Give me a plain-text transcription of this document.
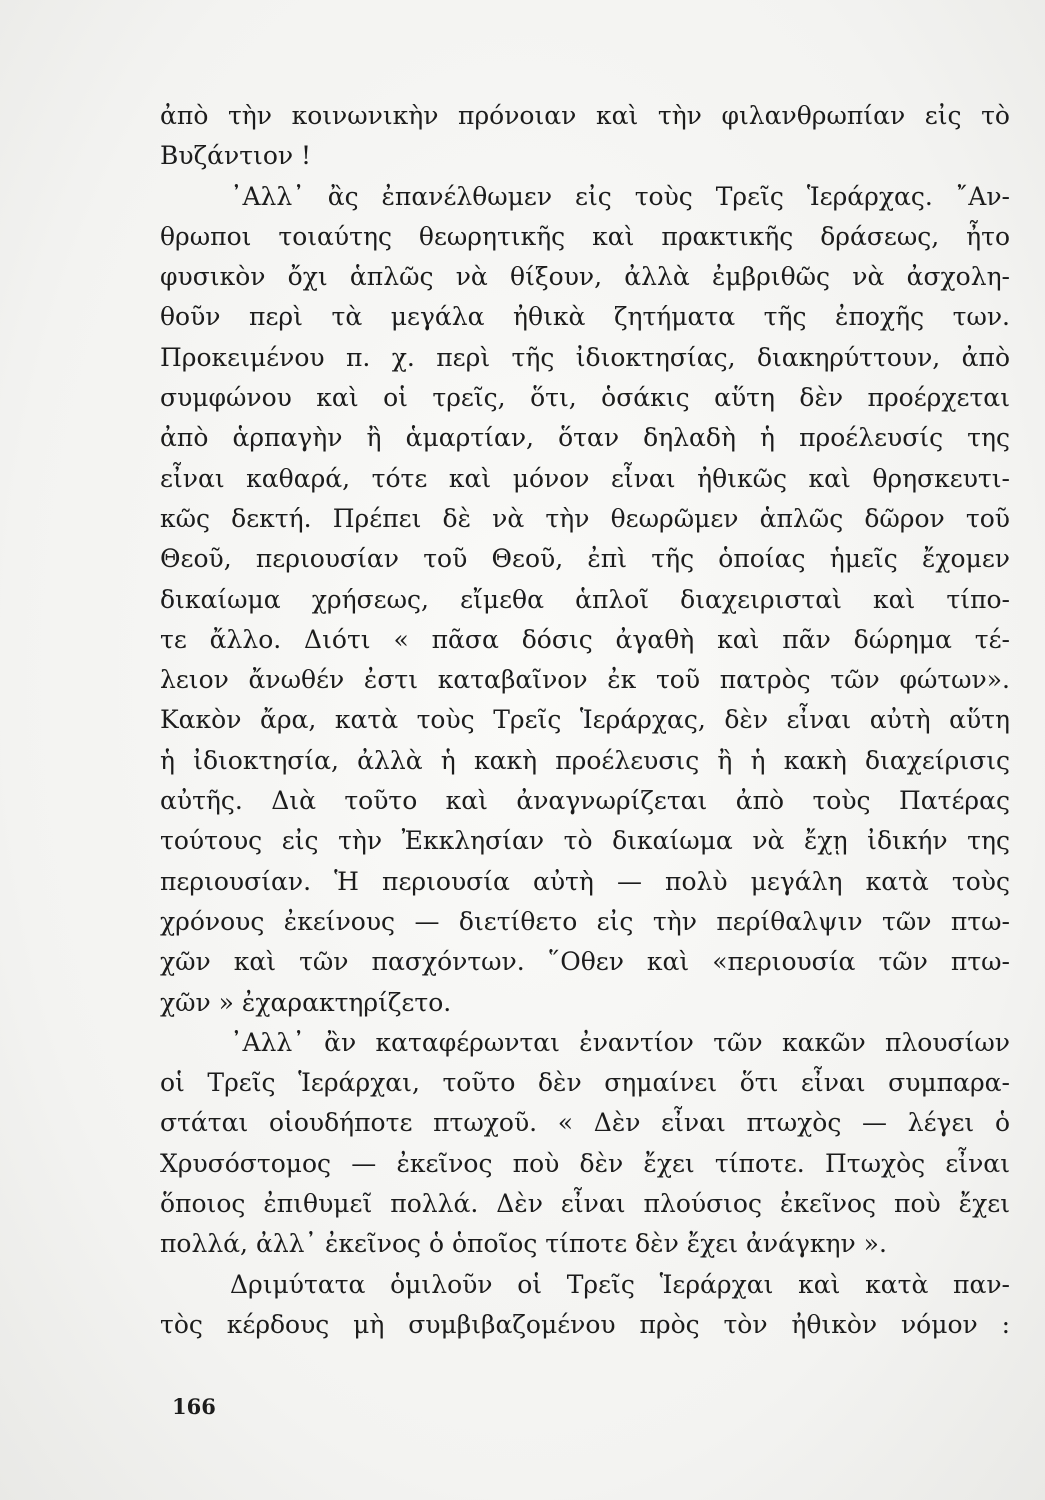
ἀπὸ τὴν κοινωνικὴν πρόνοιαν καὶ τὴν φιλανθρωπίαν εἰς τὸ
Βυζάντιον !
᾿Αλλ᾿ ἂς ἐπανέλθωμεν εἰς τοὺς Τρεῖς Ἱεράρχας. ῎Αν-
θρωποι τοιαύτης θεωρητικῆς καὶ πρακτικῆς δράσεως, ἦτο
φυσικὸν ὄχι ἁπλῶς νὰ θίξουν, ἀλλὰ ἐμβριθῶς νὰ ἀσχολη-
θοῦν περὶ τὰ μεγάλα ἠθικὰ ζητήματα τῆς ἐποχῆς των.
Προκειμένου π. χ. περὶ τῆς ἰδιοκτησίας, διακηρύττουν, ἀπὸ
συμφώνου καὶ οἱ τρεῖς, ὅτι, ὁσάκις αὕτη δὲν προέρχεται
ἀπὸ ἁρπαγὴν ἢ ἁμαρτίαν, ὅταν δηλαδὴ ἡ προέλευσίς της
εἶναι καθαρά, τότε καὶ μόνον εἶναι ἠθικῶς καὶ θρησκευτι-
κῶς δεκτή. Πρέπει δὲ νὰ τὴν θεωρῶμεν ἁπλῶς δῶρον τοῦ
Θεοῦ, περιουσίαν τοῦ Θεοῦ, ἐπὶ τῆς ὁποίας ἡμεῖς ἔχομεν
δικαίωμα χρήσεως, εἴμεθα ἁπλοῖ διαχειρισταὶ καὶ τίπο-
τε ἄλλο. Διότι « πᾶσα δόσις ἀγαθὴ καὶ πᾶν δώρημα τέ-
λειον ἄνωθέν ἐστι καταβαῖνον ἐκ τοῦ πατρὸς τῶν φώτων».
Κακὸν ἄρα, κατὰ τοὺς Τρεῖς Ἱεράρχας, δὲν εἶναι αὐτὴ αὕτη
ἡ ἰδιοκτησία, ἀλλὰ ἡ κακὴ προέλευσις ἢ ἡ κακὴ διαχείρισις
αὐτῆς. Διὰ τοῦτο καὶ ἀναγνωρίζεται ἀπὸ τοὺς Πατέρας
τούτους εἰς τὴν Ἐκκλησίαν τὸ δικαίωμα νὰ ἔχῃ ἰδικήν της
περιουσίαν. Ἡ περιουσία αὐτὴ — πολὺ μεγάλη κατὰ τοὺς
χρόνους ἐκείνους — διετίθετο εἰς τὴν περίθαλψιν τῶν πτω-
χῶν καὶ τῶν πασχόντων. ῞Οθεν καὶ «περιουσία τῶν πτω-
χῶν » ἐχαρακτηρίζετο.
᾿Αλλ᾿ ἂν καταφέρωνται ἐναντίον τῶν κακῶν πλουσίων
οἱ Τρεῖς Ἱεράρχαι, τοῦτο δὲν σημαίνει ὅτι εἶναι συμπαρα-
στάται οἱουδήποτε πτωχοῦ. « Δὲν εἶναι πτωχὸς — λέγει ὁ
Χρυσόστομος — ἐκεῖνος ποὺ δὲν ἔχει τίποτε. Πτωχὸς εἶναι
ὅποιος ἐπιθυμεῖ πολλά. Δὲν εἶναι πλούσιος ἐκεῖνος ποὺ ἔχει
πολλά, ἀλλ᾿ ἐκεῖνος ὁ ὁποῖος τίποτε δὲν ἔχει ἀνάγκην ».
Δριμύτατα ὁμιλοῦν οἱ Τρεῖς Ἱεράρχαι καὶ κατὰ παν-
τὸς κέρδους μὴ συμβιβαζομένου πρὸς τὸν ἠθικὸν νόμον :
166
